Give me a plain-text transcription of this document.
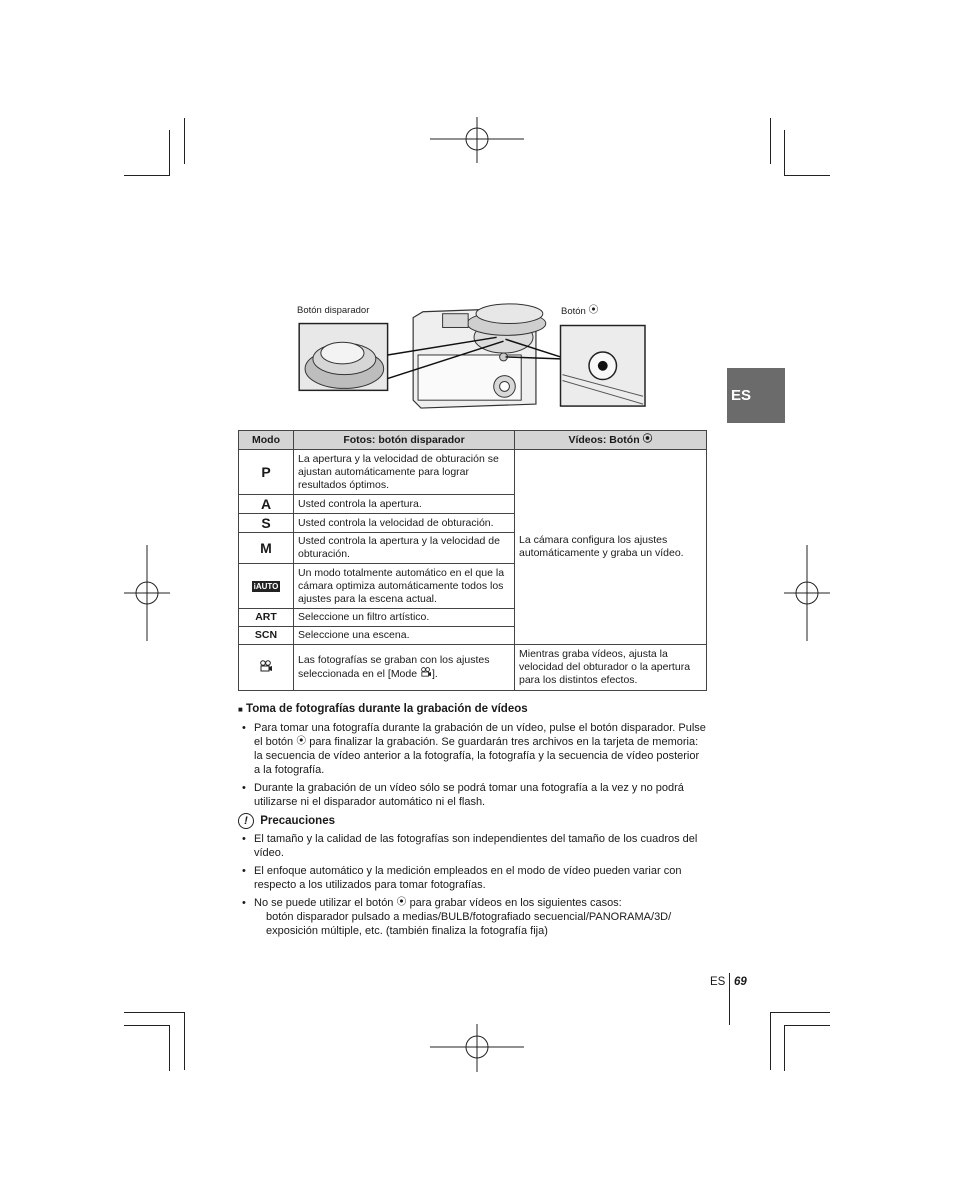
Botón disparador	Botón ⦿
ES
Modo	Fotos: botón disparador	Vídeos: Botón ⦿
P	La apertura y la velocidad de obturación se ajustan automáticamente para lograr resultados óptimos.	La cámara configura los ajustes automáticamente y graba un vídeo.
A	Usted controla la apertura.	
S	Usted controla la velocidad de obturación.	
M	Usted controla la apertura y la velocidad de obturación.	
iAUTO	Un modo totalmente automático en el que la cámara optimiza automáticamente todos los ajustes para la escena actual.	
ART	Seleccione un filtro artístico.	
SCN	Seleccione una escena.	
	Las fotografías se graban con los ajustes seleccionada en el [Mode ].	Mientras graba vídeos, ajusta la velocidad del obturador o la apertura para los distintos efectos.
■ Toma de fotografías durante la grabación de vídeos
• Para tomar una fotografía durante la grabación de un vídeo, pulse el botón disparador. Pulse el botón ⦿ para finalizar la grabación. Se guardarán tres archivos en la tarjeta de memoria: la secuencia de vídeo anterior a la fotografía, la fotografía y la secuencia de vídeo posterior a la fotografía.
• Durante la grabación de un vídeo sólo se podrá tomar una fotografía a la vez y no podrá utilizarse ni el disparador automático ni el flash.
! Precauciones
• El tamaño y la calidad de las fotografías son independientes del tamaño de los cuadros del vídeo.
• El enfoque automático y la medición empleados en el modo de vídeo pueden variar con respecto a los utilizados para tomar fotografías.
• No se puede utilizar el botón ⦿ para grabar vídeos en los siguientes casos:
botón disparador pulsado a medias/BULB/fotografiado secuencial/PANORAMA/3D/ exposición múltiple, etc. (también finaliza la fotografía fija)
ES 69
